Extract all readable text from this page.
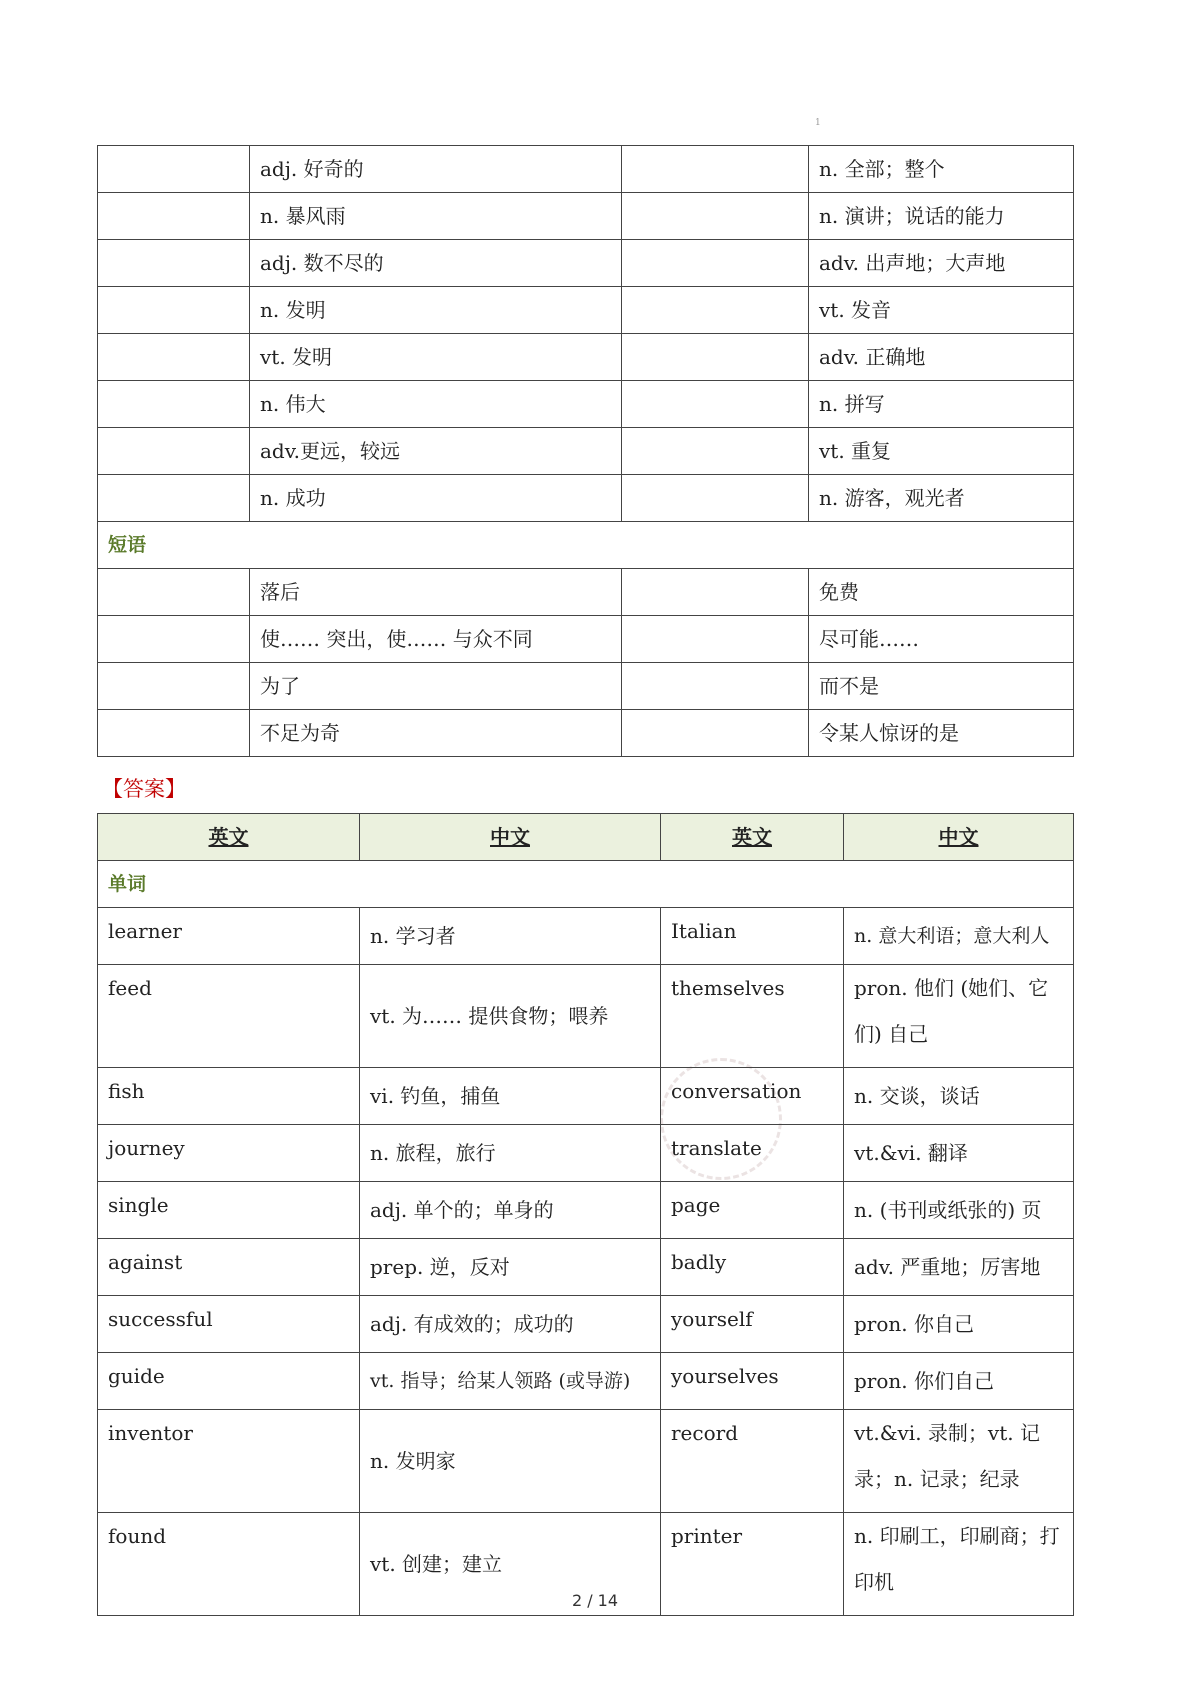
1
	adj. 好奇的		n. 全部；整个
	n. 暴风雨		n. 演讲；说话的能力
	adj. 数不尽的		adv. 出声地；大声地
	n. 发明		vt. 发音
	vt. 发明		adv. 正确地
	n. 伟大		n. 拼写
	adv.更远，较远		vt. 重复
	n. 成功		n. 游客，观光者
短语			
	落后		免费
	使…… 突出，使…… 与众不同		尽可能……
	为了		而不是
	不足为奇		令某人惊讶的是
【答案】
英文	中文	英文	中文
单词			
learner	n. 学习者	Italian	n. 意大利语；意大利人
feed	vt. 为…… 提供食物；喂养	themselves	pron. 他们 (她们、它们) 自己
fish	vi. 钓鱼，捕鱼	conversation	n. 交谈，谈话
journey	n. 旅程，旅行	translate	vt.&vi. 翻译
single	adj. 单个的；单身的	page	n. (书刊或纸张的) 页
against	prep. 逆，反对	badly	adv. 严重地；厉害地
successful	adj. 有成效的；成功的	yourself	pron. 你自己
guide	vt. 指导；给某人领路 (或导游)	yourselves	pron. 你们自己
inventor	n. 发明家	record	vt.&vi. 录制；vt. 记录；n. 记录；纪录
found	vt. 创建；建立	printer	n. 印刷工，印刷商；打印机
2 / 14
